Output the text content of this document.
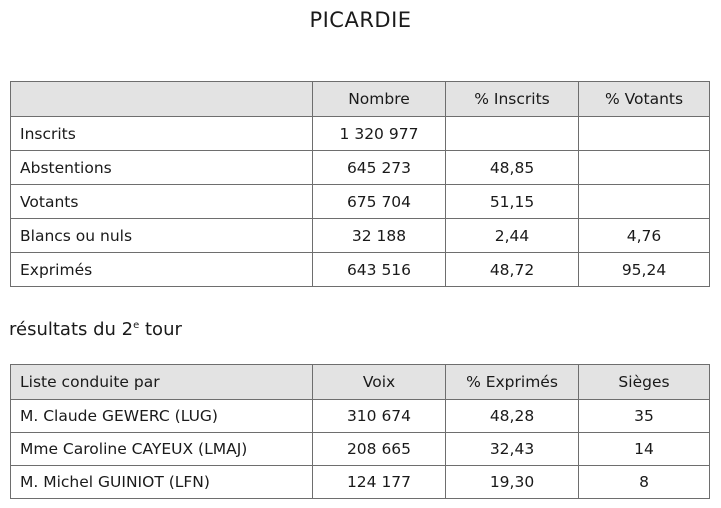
PICARDIE
	Nombre	% Inscrits	% Votants
Inscrits	1 320 977		
Abstentions	645 273	48,85	
Votants	675 704	51,15	
Blancs ou nuls	32 188	2,44	4,76
Exprimés	643 516	48,72	95,24
résultats du 2e tour
Liste conduite par	Voix	% Exprimés	Sièges
M. Claude GEWERC (LUG)	310 674	48,28	35
Mme Caroline CAYEUX (LMAJ)	208 665	32,43	14
M. Michel GUINIOT (LFN)	124 177	19,30	8
